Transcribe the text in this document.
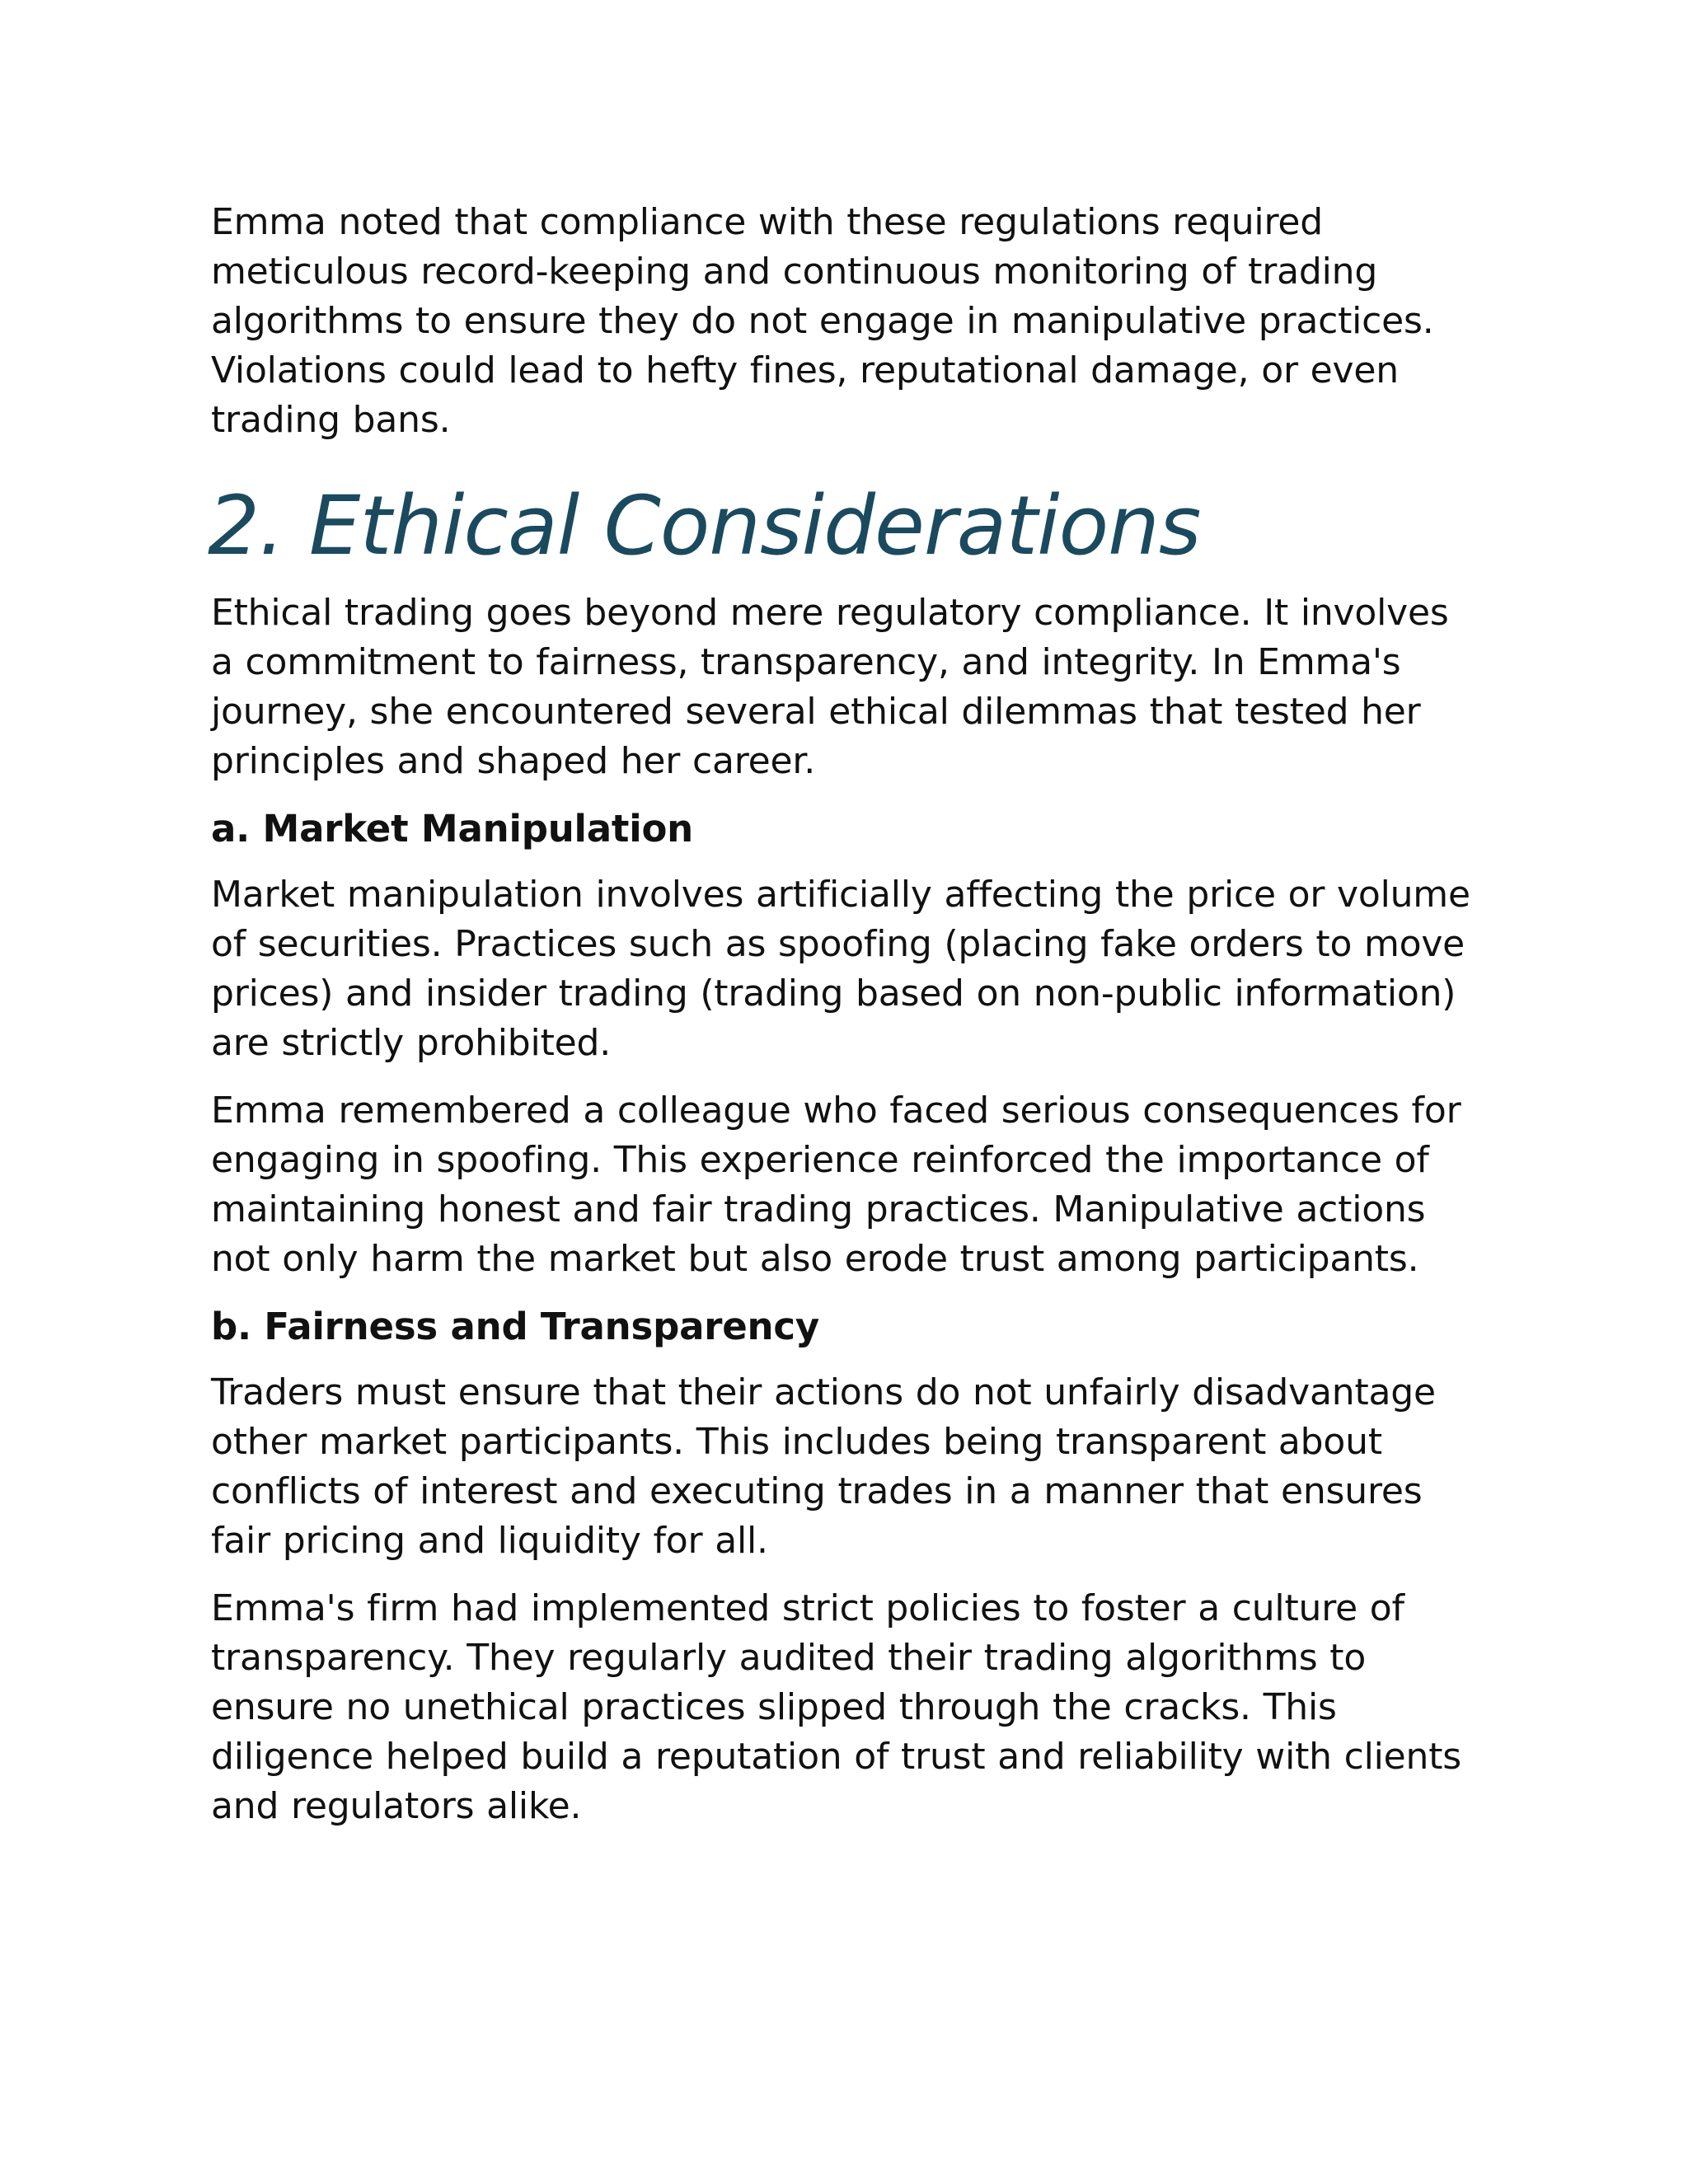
Emma noted that compliance with these regulations required meticulous record-keeping and continuous monitoring of trading algorithms to ensure they do not engage in manipulative practices. Violations could lead to hefty fines, reputational damage, or even trading bans.

2. Ethical Considerations

Ethical trading goes beyond mere regulatory compliance. It involves a commitment to fairness, transparency, and integrity. In Emma's journey, she encountered several ethical dilemmas that tested her principles and shaped her career.

a. Market Manipulation

Market manipulation involves artificially affecting the price or volume of securities. Practices such as spoofing (placing fake orders to move prices) and insider trading (trading based on non-public information) are strictly prohibited.

Emma remembered a colleague who faced serious consequences for engaging in spoofing. This experience reinforced the importance of maintaining honest and fair trading practices. Manipulative actions not only harm the market but also erode trust among participants.

b. Fairness and Transparency

Traders must ensure that their actions do not unfairly disadvantage other market participants. This includes being transparent about conflicts of interest and executing trades in a manner that ensures fair pricing and liquidity for all.

Emma's firm had implemented strict policies to foster a culture of transparency. They regularly audited their trading algorithms to ensure no unethical practices slipped through the cracks. This diligence helped build a reputation of trust and reliability with clients and regulators alike.
